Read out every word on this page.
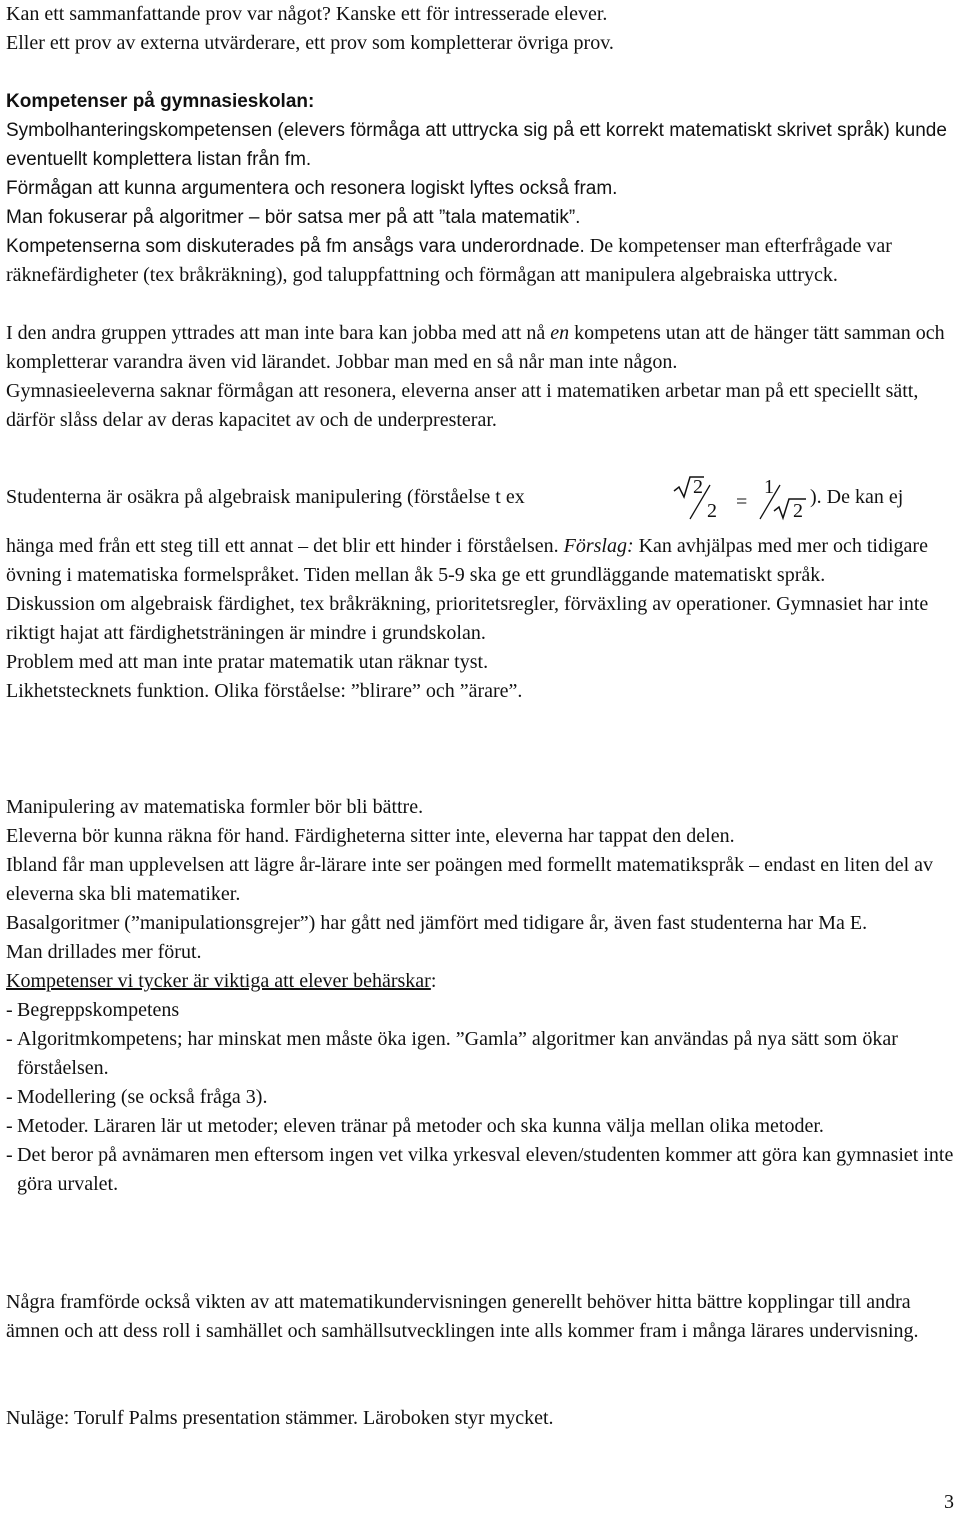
Kan ett sammanfattande prov var något? Kanske ett för intresserade elever.
Eller ett prov av externa utvärderare, ett prov som kompletterar övriga prov.

Kompetenser på gymnasieskolan:

Symbolhanteringskompetensen (elevers förmåga att uttrycka sig på ett korrekt matematiskt skrivet språk) kunde eventuellt komplettera listan från fm.

Förmågan att kunna argumentera och resonera logiskt lyftes också fram.

Man fokuserar på algoritmer – bör satsa mer på att ”tala matematik”.

Kompetenserna som diskuterades på fm ansågs vara underordnade. De kompetenser man efterfrågade var räknefärdigheter (tex bråkräkning), god taluppfattning och förmågan att manipulera algebraiska uttryck.

I den andra gruppen yttrades att man inte bara kan jobba med att nå en kompetens utan att de hänger tätt samman och kompletterar varandra även vid lärandet. Jobbar man med en så når man inte någon.

Gymnasieeleverna saknar förmågan att resonera, eleverna anser att i matematiken arbetar man på ett speciellt sätt, därför slåss delar av deras kapacitet av och de underpresterar.

Studenterna är osäkra på algebraisk manipulering (förståelse t ex	2
2 =
1
2
). De kan ej

hänga med från ett steg till ett annat – det blir ett hinder i förståelsen. Förslag: Kan avhjälpas med mer och tidigare övning i matematiska formelspråket. Tiden mellan åk 5-9 ska ge ett grundläggande matematiskt språk.

Diskussion om algebraisk färdighet, tex bråkräkning, prioritetsregler, förväxling av operationer. Gymnasiet har inte riktigt hajat att färdighetsträningen är mindre i grundskolan.

Problem med att man inte pratar matematik utan räknar tyst.

Likhetstecknets funktion. Olika förståelse: ”blirare” och ”ärare”.

Manipulering av matematiska formler bör bli bättre.

Eleverna bör kunna räkna för hand. Färdigheterna sitter inte, eleverna har tappat den delen.

Ibland får man upplevelsen att lägre år-lärare inte ser poängen med formellt matematikspråk – endast en liten del av eleverna ska bli matematiker.

Basalgoritmer (”manipulationsgrejer”) har gått ned jämfört med tidigare år, även fast studenterna har Ma E.

Man drillades mer förut.

Kompetenser vi tycker är viktiga att elever behärskar:

- Begreppskompetens
- Algoritmkompetens; har minskat men måste öka igen. ”Gamla” algoritmer kan användas på nya sätt som ökar förståelsen.
- Modellering (se också fråga 3).
- Metoder. Läraren lär ut metoder; eleven tränar på metoder och ska kunna välja mellan olika metoder.
- Det beror på avnämaren men eftersom ingen vet vilka yrkesval eleven/studenten kommer att göra kan gymnasiet inte göra urvalet.

Några framförde också vikten av att matematikundervisningen generellt behöver hitta bättre kopplingar till andra ämnen och att dess roll i samhället och samhällsutvecklingen inte alls kommer fram i många lärares undervisning.

Nuläge: Torulf Palms presentation stämmer. Läroboken styr mycket.

3
